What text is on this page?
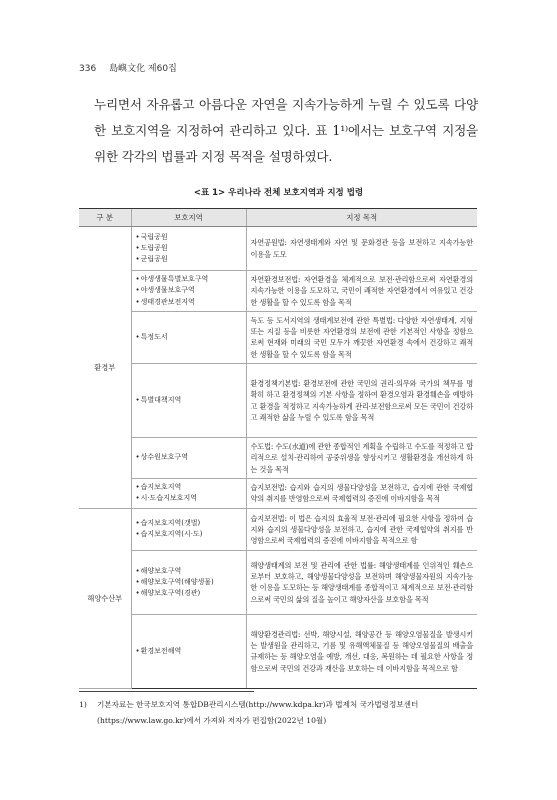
336 島嶼文化 제60집
누리면서 자유롭고 아름다운 자연을 지속가능하게 누릴 수 있도록 다양한 보호지역을 지정하여 관리하고 있다. 표 1¹⁾에서는 보호구역 지정을 위한 각각의 법률과 지정 목적을 설명하였다.
<표 1> 우리나라 전체 보호지역과 지정 법령
구 분	보호지역	지정 목적
환경부	• 국립공원
• 도립공원
• 군립공원	자연공원법: 자연생태계와 자연 및 문화경관 등을 보전하고 지속가능한 이용을 도모

	• 야생생물특별보호구역
• 야생생물보호구역
• 생태경관보전지역	자연환경보전법: 자연환경을 체계적으로 보전·관리함으로써 자연환경의 지속가능한 이용을 도모하고, 국민이 쾌적한 자연환경에서 여유있고 건강한 생활을 할 수 있도록 함을 목적

	• 특정도서	독도 등 도서지역의 생태계보전에 관한 특별법: 다양한 자연생태계, 지형 또는 지질 등을 비롯한 자연환경의 보전에 관한 기본적인 사항을 정함으로써 현재와 미래의 국민 모두가 깨끗한 자연환경 속에서 건강하고 쾌적한 생활을 할 수 있도록 함을 목적

	• 특별대책지역	환경정책기본법: 환경보전에 관한 국민의 권리·의무와 국가의 책무를 명확히 하고 환경정책의 기본 사항을 정하여 환경오염과 환경훼손을 예방하고 환경을 적정하고 지속가능하게 관리·보전함으로써 모든 국민이 건강하고 쾌적한 삶을 누릴 수 있도록 함을 목적

	• 상수원보호구역	수도법: 수도(水道)에 관한 종합적인 계획을 수립하고 수도를 적정하고 합리적으로 설치·관리하여 공중위생을 향상시키고 생활환경을 개선하게 하는 것을 목적

	• 습지보호지역
• 시·도습지보호지역	습지보전법: 습지와 습지의 생물다양성을 보전하고, 습지에 관한 국제협약의 취지를 반영함으로써 국제협력의 증진에 이바지함을 목적
해양수산부	• 습지보호지역(갯벌)
• 습지보호지역(시·도)	습지보전법: 이 법은 습지의 효율적 보전·관리에 필요한 사항을 정하여 습지와 습지의 생물다양성을 보전하고, 습지에 관한 국제협약의 취지를 반영함으로써 국제협력의 증진에 이바지함을 목적으로 함

	• 해양보호구역
• 해양보호구역(해양생물)
• 해양보호구역(경관)	해양생태계의 보전 및 관리에 관한 법률: 해양생태계를 인위적인 훼손으로부터 보호하고, 해양생물다양성을 보전하며 해양생물자원의 지속가능한 이용을 도모하는 등 해양생태계를 종합적이고 체계적으로 보전·관리함으로써 국민의 삶의 질을 높이고 해양자산을 보호함을 목적

	• 환경보전해역	해양환경관리법: 선박, 해양시설, 해양공간 등 해양오염물질을 발생시키는 발생원을 관리하고, 기름 및 유해액체물질 등 해양오염물질의 배출을 규제하는 등 해양오염을 예방, 개선, 대응, 복원하는 데 필요한 사항을 정함으로써 국민의 건강과 재산을 보호하는 데 이바지함을 목적으로 함
1) 기본자료는 한국보호지역 통합DB관리시스템(http://www.kdpa.kr)과 법제처 국가법령정보센터
(https://www.law.go.kr)에서 가져와 저자가 편집함(2022년 10월)
